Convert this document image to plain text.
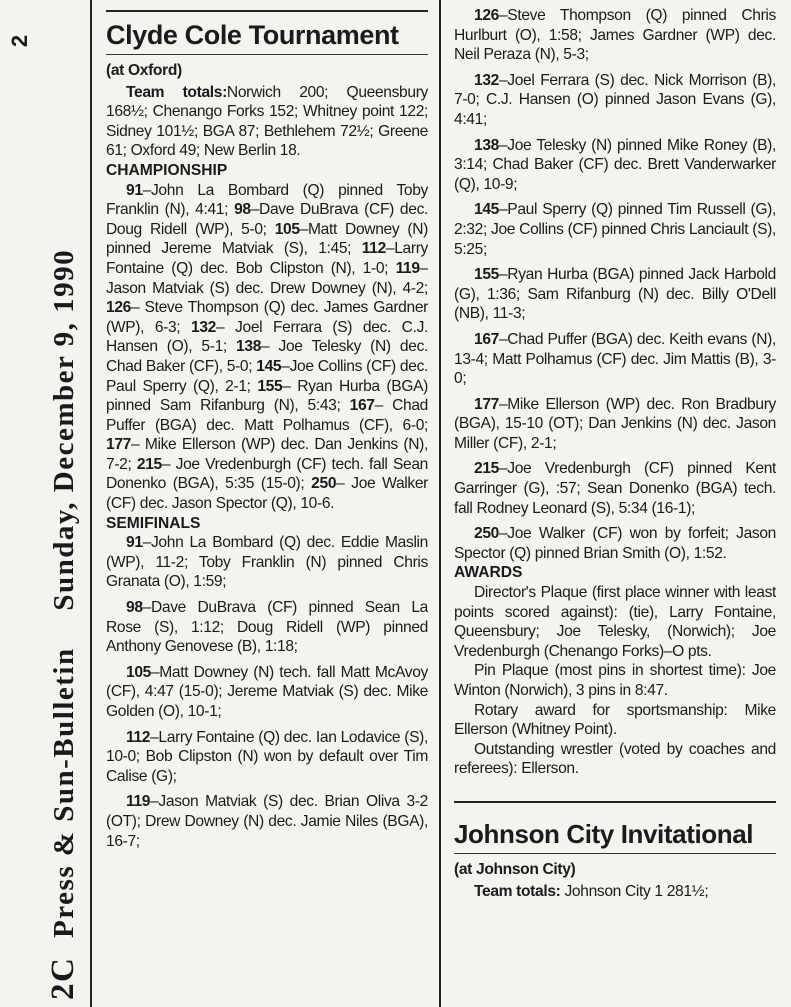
2
2C Press & Sun-Bulletin Sunday, December 9, 1990
Clyde Cole Tournament
(at Oxford)

Team totals:Norwich 200; Queensbury 168½; Chenango Forks 152; Whitney point 122; Sidney 101½; BGA 87; Bethlehem 72½; Greene 61; Oxford 49; New Berlin 18.

CHAMPIONSHIP

91–John La Bombard (Q) pinned Toby Franklin (N), 4:41; 98–Dave DuBrava (CF) dec. Doug Ridell (WP), 5-0; 105–Matt Downey (N) pinned Jereme Matviak (S), 1:45; 112–Larry Fontaine (Q) dec. Bob Clipston (N), 1-0; 119–Jason Matviak (S) dec. Drew Downey (N), 4-2; 126– Steve Thompson (Q) dec. James Gardner (WP), 6-3; 132– Joel Ferrara (S) dec. C.J. Hansen (O), 5-1; 138– Joe Telesky (N) dec. Chad Baker (CF), 5-0; 145–Joe Collins (CF) dec. Paul Sperry (Q), 2-1; 155– Ryan Hurba (BGA) pinned Sam Rifanburg (N), 5:43; 167– Chad Puffer (BGA) dec. Matt Polhamus (CF), 6-0; 177– Mike Ellerson (WP) dec. Dan Jenkins (N), 7-2; 215– Joe Vredenburgh (CF) tech. fall Sean Donenko (BGA), 5:35 (15-0); 250– Joe Walker (CF) dec. Jason Spector (Q), 10-6.

SEMIFINALS

91–John La Bombard (Q) dec. Eddie Maslin (WP), 11-2; Toby Franklin (N) pinned Chris Granata (O), 1:59;

98–Dave DuBrava (CF) pinned Sean La Rose (S), 1:12; Doug Ridell (WP) pinned Anthony Genovese (B), 1:18;

105–Matt Downey (N) tech. fall Matt McAvoy (CF), 4:47 (15-0); Jereme Matviak (S) dec. Mike Golden (O), 10-1;

112–Larry Fontaine (Q) dec. Ian Lodavice (S), 10-0; Bob Clipston (N) won by default over Tim Calise (G);

119–Jason Matviak (S) dec. Brian Oliva 3-2 (OT); Drew Downey (N) dec. Jamie Niles (BGA), 16-7;

126–Steve Thompson (Q) pinned Chris Hurlburt (O), 1:58; James Gardner (WP) dec. Neil Peraza (N), 5-3;

132–Joel Ferrara (S) dec. Nick Morrison (B), 7-0; C.J. Hansen (O) pinned Jason Evans (G), 4:41;

138–Joe Telesky (N) pinned Mike Roney (B), 3:14; Chad Baker (CF) dec. Brett Vanderwarker (Q), 10-9;

145–Paul Sperry (Q) pinned Tim Russell (G), 2:32; Joe Collins (CF) pinned Chris Lanciault (S), 5:25;

155–Ryan Hurba (BGA) pinned Jack Harbold (G), 1:36; Sam Rifanburg (N) dec. Billy O'Dell (NB), 11-3;

167–Chad Puffer (BGA) dec. Keith evans (N), 13-4; Matt Polhamus (CF) dec. Jim Mattis (B), 3-0;

177–Mike Ellerson (WP) dec. Ron Bradbury (BGA), 15-10 (OT); Dan Jenkins (N) dec. Jason Miller (CF), 2-1;

215–Joe Vredenburgh (CF) pinned Kent Garringer (G), :57; Sean Donenko (BGA) tech. fall Rodney Leonard (S), 5:34 (16-1);

250–Joe Walker (CF) won by forfeit; Jason Spector (Q) pinned Brian Smith (O), 1:52.

AWARDS

Director's Plaque (first place winner with least points scored against): (tie), Larry Fontaine, Queensbury; Joe Telesky, (Norwich); Joe Vredenburgh (Chenango Forks)–O pts.

Pin Plaque (most pins in shortest time): Joe Winton (Norwich), 3 pins in 8:47.

Rotary award for sportsmanship: Mike Ellerson (Whitney Point).

Outstanding wrestler (voted by coaches and referees): Ellerson.

Johnson City Invitational
(at Johnson City)

Team totals: Johnson City 1 281½;
